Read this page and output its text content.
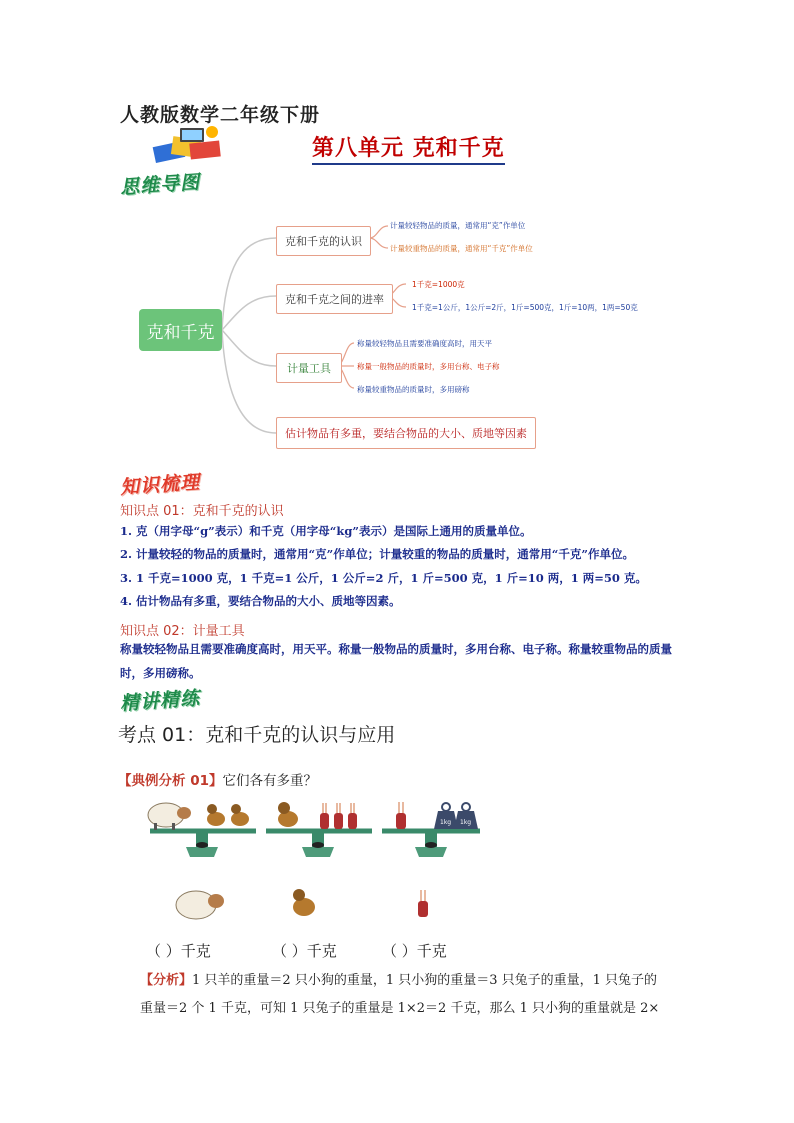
人教版数学二年级下册
第八单元 克和千克
思维导图
克和千克
克和千克的认识
计量较轻物品的质量，通常用“克”作单位
计量较重物品的质量，通常用“千克”作单位
克和千克之间的进率
1千克=1000克
1千克=1公斤，1公斤=2斤，1斤=500克，1斤=10两，1两=50克
计量工具
称量较轻物品且需要准确度高时，用天平
称量一般物品的质量时，多用台称、电子称
称量较重物品的质量时，多用磅称
估计物品有多重，要结合物品的大小、质地等因素
知识梳理
知识点 01：克和千克的认识
1. 克（用字母“g”表示）和千克（用字母“kg”表示）是国际上通用的质量单位。
2. 计量较轻的物品的质量时，通常用“克”作单位；计量较重的物品的质量时，通常用“千克”作单位。
3. 1 千克=1000 克，1 千克=1 公斤，1 公斤=2 斤，1 斤=500 克，1 斤=10 两，1 两=50 克。
4. 估计物品有多重，要结合物品的大小、质地等因素。
知识点 02：计量工具
称量较轻物品且需要准确度高时，用天平。称量一般物品的质量时，多用台称、电子称。称量较重物品的质量时，多用磅称。
精讲精练
考点 01：克和千克的认识与应用
【典例分析 01】它们各有多重？
1kg 1kg
（ ）千克	（ ）千克	（ ）千克
【分析】1 只羊的重量＝2 只小狗的重量，1 只小狗的重量＝3 只兔子的重量，1 只兔子的
重量＝2 个 1 千克，可知 1 只兔子的重量是 1×2＝2 千克，那么 1 只小狗的重量就是 2×
